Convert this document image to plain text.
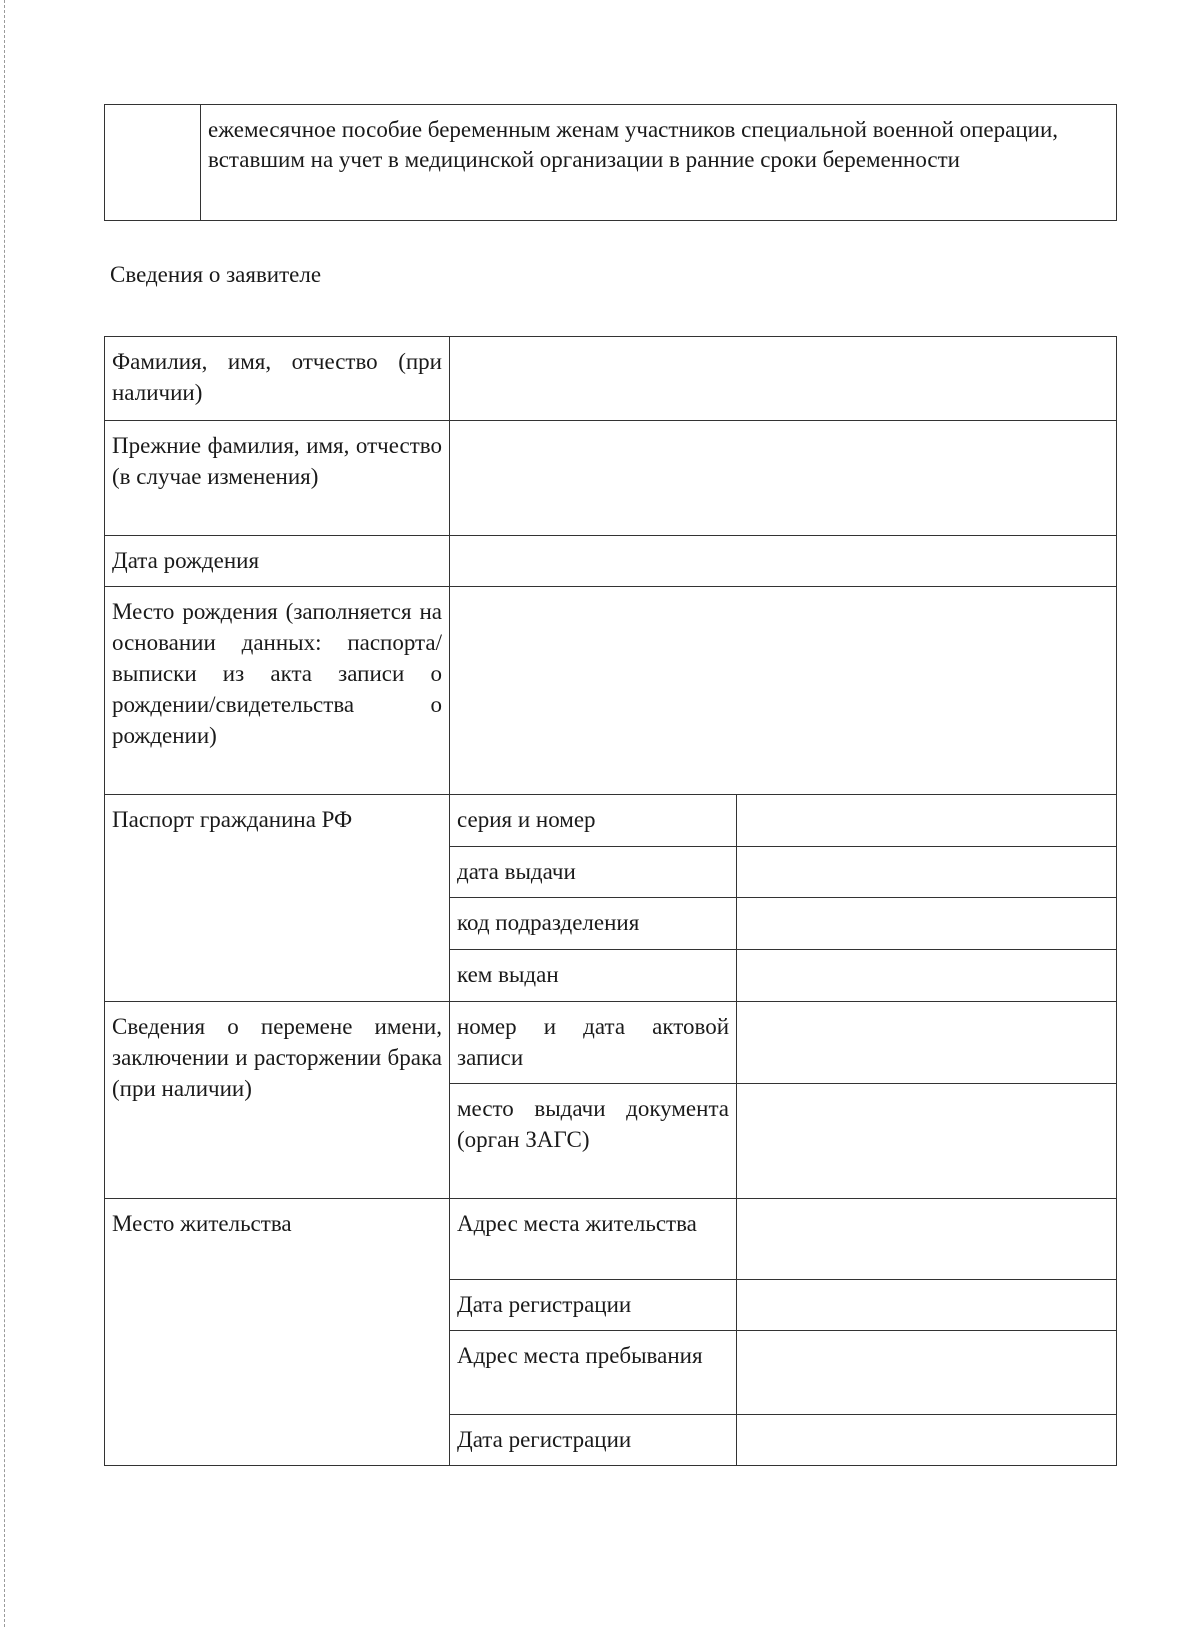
	ежемесячное пособие беременным женам участников специальной военной операции, вставшим на учет в медицинской организации в ранние сроки беременности
Сведения о заявителе
Фамилия, имя, отчество (при наличии)		
Прежние фамилия, имя, отчество (в случае изменения)		
Дата рождения		
Место рождения (заполняется на основании данных: паспорта/выписки из акта записи о рождении/свидетельства о рождении)		
Паспорт гражданина РФ	серия и номер	
	дата выдачи	
	код подразделения	
	кем выдан	
Сведения о перемене имени, заключении и расторжении брака (при наличии)	номер и дата актовой записи	
	место выдачи документа (орган ЗАГС)	
Место жительства	Адрес места жительства	
	Дата регистрации	
	Адрес места пребывания	
	Дата регистрации	
